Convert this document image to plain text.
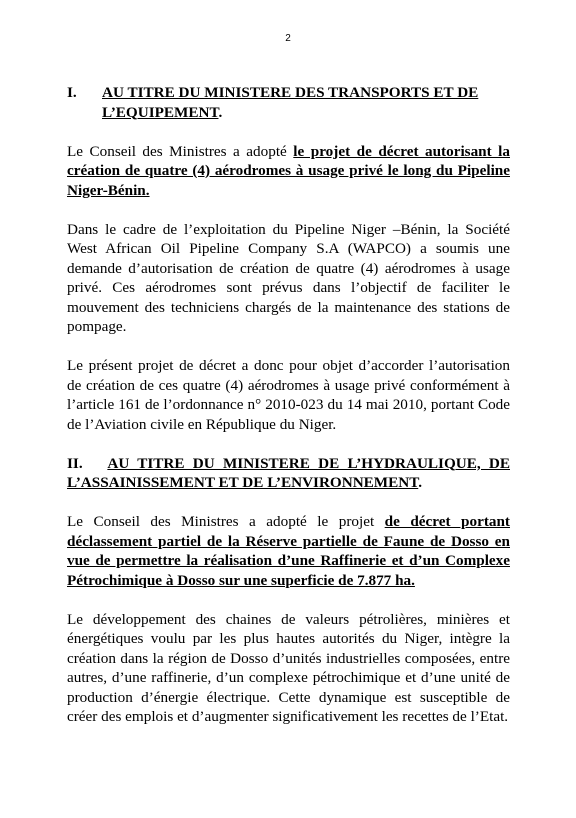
2
I.	AU TITRE DU MINISTERE DES TRANSPORTS ET DE L’EQUIPEMENT.

Le Conseil des Ministres a adopté le projet de décret autorisant la création de quatre (4) aérodromes à usage privé le long du Pipeline Niger-Bénin.

Dans le cadre de l’exploitation du Pipeline Niger –Bénin, la Société West African Oil Pipeline Company S.A (WAPCO) a soumis une demande d’autorisation de création de quatre (4) aérodromes à usage privé. Ces aérodromes sont prévus dans l’objectif de faciliter le mouvement des techniciens chargés de la maintenance des stations de pompage.

Le présent projet de décret a donc pour objet d’accorder l’autorisation de création de ces quatre (4) aérodromes à usage privé conformément à l’article 161 de l’ordonnance n° 2010-023 du 14 mai 2010, portant Code de l’Aviation civile en République du Niger.

II. AU TITRE DU MINISTERE DE L’HYDRAULIQUE, DE L’ASSAINISSEMENT ET DE L’ENVIRONNEMENT.

Le Conseil des Ministres a adopté le projet de décret portant déclassement partiel de la Réserve partielle de Faune de Dosso en vue de permettre la réalisation d’une Raffinerie et d’un Complexe Pétrochimique à Dosso sur une superficie de 7.877 ha.

Le développement des chaines de valeurs pétrolières, minières et énergétiques voulu par les plus hautes autorités du Niger, intègre la création dans la région de Dosso d’unités industrielles composées, entre autres, d’une raffinerie, d’un complexe pétrochimique et d’une unité de production d’énergie électrique. Cette dynamique est susceptible de créer des emplois et d’augmenter significativement les recettes de l’Etat.
